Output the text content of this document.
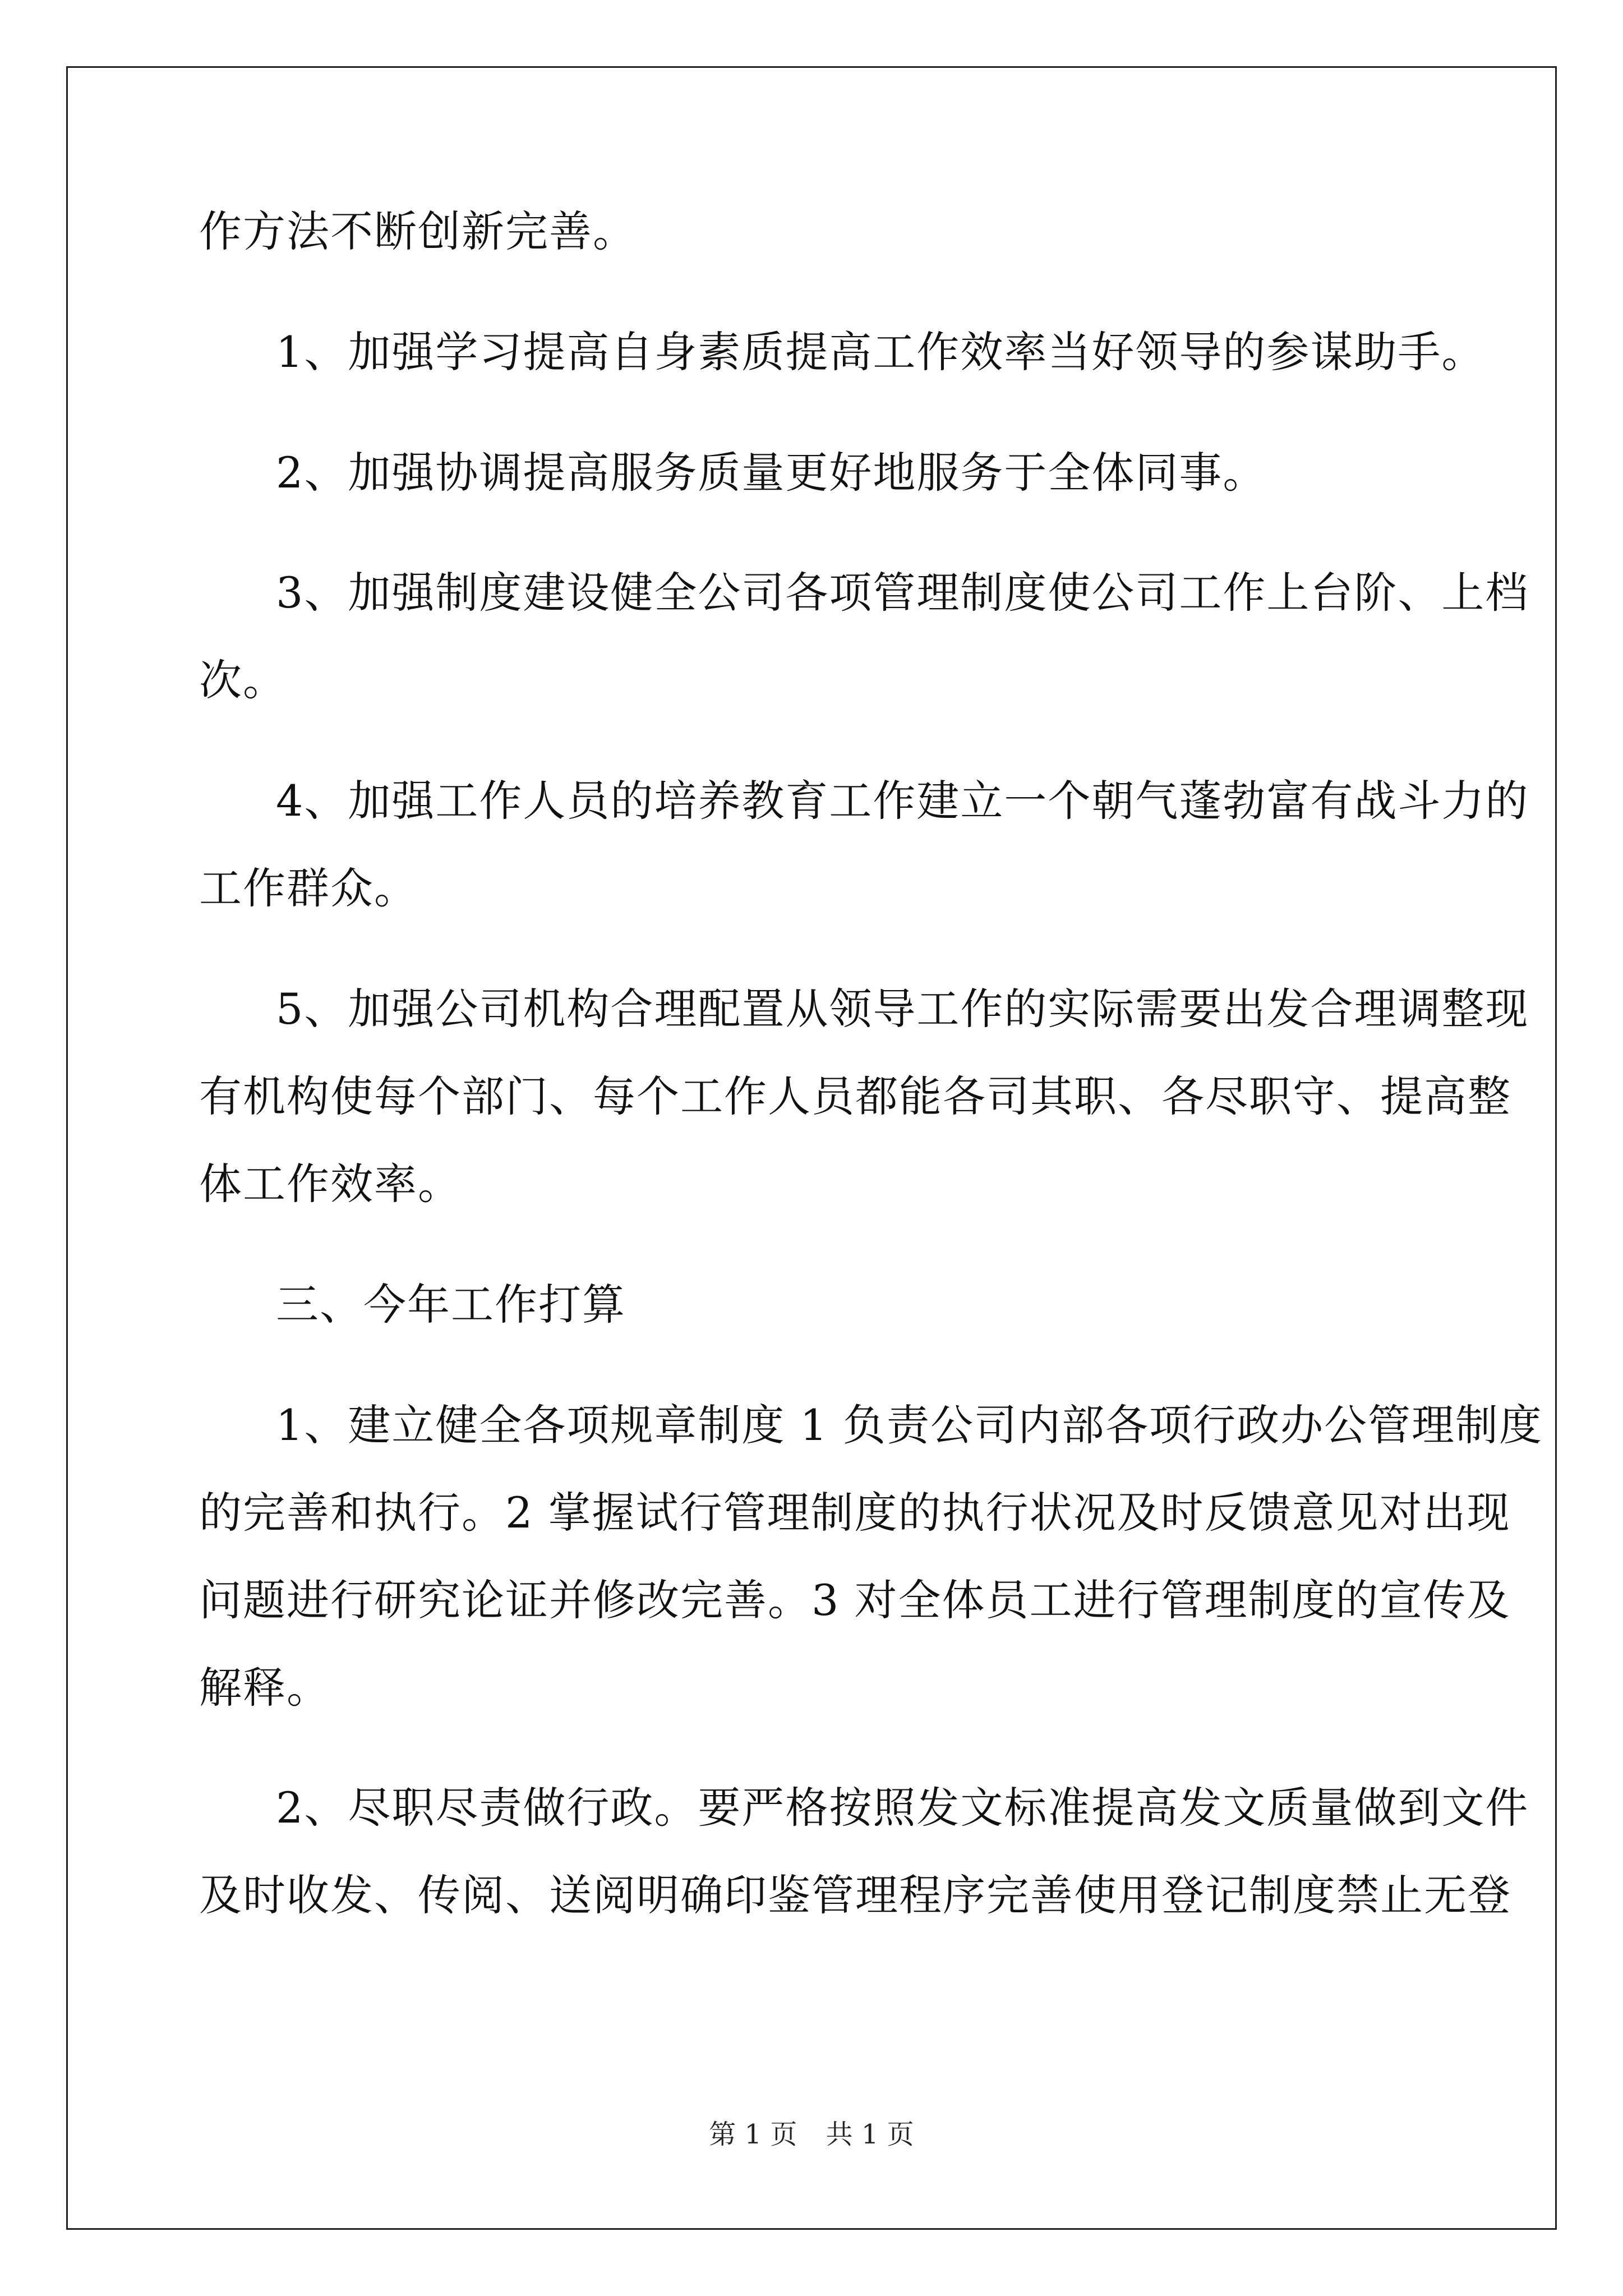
作方法不断创新完善。
1、加强学习提高自身素质提高工作效率当好领导的参谋助手。
2、加强协调提高服务质量更好地服务于全体同事。
3、加强制度建设健全公司各项管理制度使公司工作上台阶、上档
次。
4、加强工作人员的培养教育工作建立一个朝气蓬勃富有战斗力的
工作群众。
5、加强公司机构合理配置从领导工作的实际需要出发合理调整现
有机构使每个部门、每个工作人员都能各司其职、各尽职守、提高整
体工作效率。
三、今年工作打算
1、建立健全各项规章制度 1 负责公司内部各项行政办公管理制度
的完善和执行。2 掌握试行管理制度的执行状况及时反馈意见对出现
问题进行研究论证并修改完善。3 对全体员工进行管理制度的宣传及
解释。
2、尽职尽责做行政。要严格按照发文标准提高发文质量做到文件
及时收发、传阅、送阅明确印鉴管理程序完善使用登记制度禁止无登
第 1 页 共 1 页
